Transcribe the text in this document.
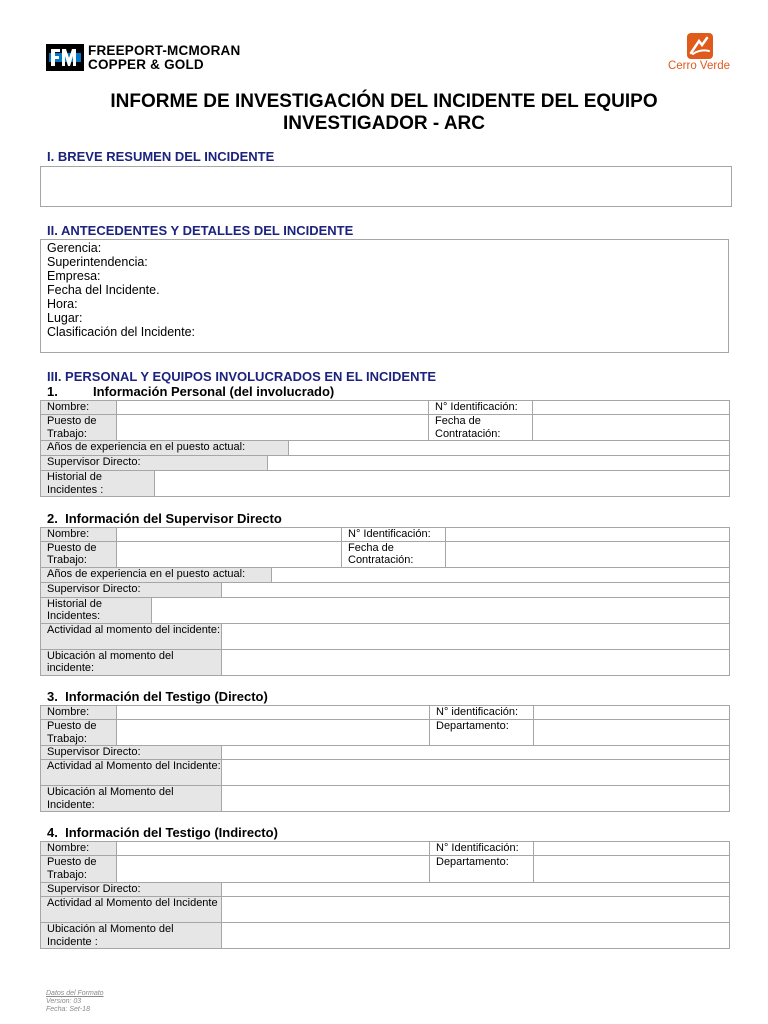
FREEPORT-MCMORAN
COPPER & GOLD	Cerro Verde
INFORME DE INVESTIGACIÓN DEL INCIDENTE DEL EQUIPO
INVESTIGADOR - ARC
I. BREVE RESUMEN DEL INCIDENTE
II. ANTECEDENTES Y DETALLES DEL INCIDENTE
Gerencia:
Superintendencia:
Empresa:
Fecha del Incidente.
Hora:
Lugar:
Clasificación del Incidente:
III. PERSONAL Y EQUIPOS INVOLUCRADOS EN EL INCIDENTE
1.	Información Personal (del involucrado)
Nombre:					N° Identificación:	
Puesto de Trabajo:					Fecha de Contratación:	
Años de experiencia en el puesto actual:						
Supervisor Directo:						
Historial de Incidentes :						
2. Información del Supervisor Directo
Nombre:					N° Identificación:	
Puesto de Trabajo:					Fecha de Contratación:	
Años de experiencia en el puesto actual:						
Supervisor Directo:						
Historial de Incidentes:						
Actividad al momento del incidente:						
Ubicación al momento del incidente:						
3. Información del Testigo (Directo)
Nombre:			N° identificación:	
Puesto de Trabajo:			Departamento:	
Supervisor Directo:				
Actividad al Momento del Incidente:				
Ubicación al Momento del Incidente:				
4. Información del Testigo (Indirecto)
Nombre:			N° Identificación:	
Puesto de Trabajo:			Departamento:	
Supervisor Directo:				
Actividad al Momento del Incidente				
Ubicación al Momento del Incidente :				
Datos del Formato
Version: 03
Fecha: Set-18
